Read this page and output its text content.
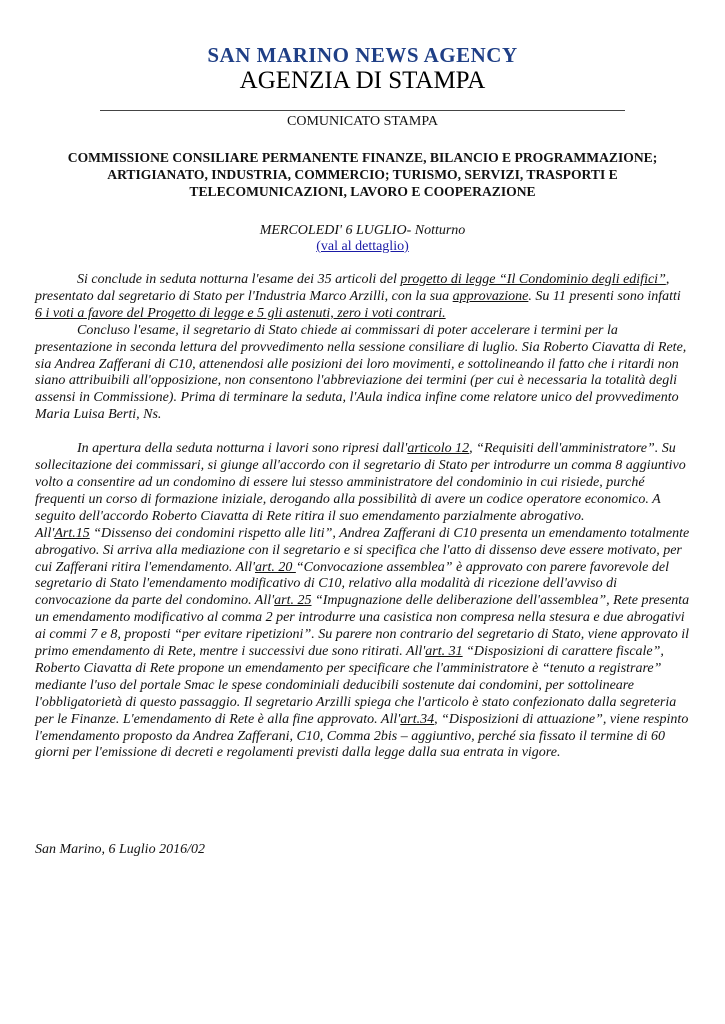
SAN MARINO NEWS AGENCY
AGENZIA DI STAMPA
COMUNICATO STAMPA
COMMISSIONE CONSILIARE PERMANENTE FINANZE, BILANCIO E PROGRAMMAZIONE;
ARTIGIANATO, INDUSTRIA, COMMERCIO; TURISMO, SERVIZI, TRASPORTI E
TELECOMUNICAZIONI, LAVORO E COOPERAZIONE
MERCOLEDI' 6 LUGLIO- Notturno
(val al dettaglio)

Si conclude in seduta notturna l'esame dei 35 articoli del progetto di legge “Il Condominio degli edifici”, presentato dal segretario di Stato per l'Industria Marco Arzilli, con la sua approvazione. Su 11 presenti sono infatti 6 i voti a favore del Progetto di legge e 5 gli astenuti, zero i voti contrari.

Concluso l'esame, il segretario di Stato chiede ai commissari di poter accelerare i termini per la presentazione in seconda lettura del provvedimento nella sessione consiliare di luglio. Sia Roberto Ciavatta di Rete, sia Andrea Zafferani di C10, attenendosi alle posizioni dei loro movimenti, e sottolineando il fatto che i ritardi non siano attribuibili all'opposizione, non consentono l'abbreviazione dei termini (per cui è necessaria la totalità degli assensi in Commissione). Prima di terminare la seduta, l'Aula indica infine come relatore unico del provvedimento Maria Luisa Berti, Ns.

In apertura della seduta notturna i lavori sono ripresi dall'articolo 12, “Requisiti dell'amministratore”. Su sollecitazione dei commissari, si giunge all'accordo con il segretario di Stato per introdurre un comma 8 aggiuntivo volto a consentire ad un condomino di essere lui stesso amministratore del condominio in cui risiede, purché frequenti un corso di formazione iniziale, derogando alla possibilità di avere un codice operatore economico. A seguito dell'accordo Roberto Ciavatta di Rete ritira il suo emendamento parzialmente abrogativo.

All'Art.15 “Dissenso dei condomini rispetto alle liti”, Andrea Zafferani di C10 presenta un emendamento totalmente abrogativo. Si arriva alla mediazione con il segretario e si specifica che l'atto di dissenso deve essere motivato, per cui Zafferani ritira l'emendamento. All'art. 20 “Convocazione assemblea” è approvato con parere favorevole del segretario di Stato l'emendamento modificativo di C10, relativo alla modalità di ricezione dell'avviso di convocazione da parte del condomino. All'art. 25 “Impugnazione delle deliberazione dell'assemblea”, Rete presenta un emendamento modificativo al comma 2 per introdurre una casistica non compresa nella stesura e due abrogativi ai commi 7 e 8, proposti “per evitare ripetizioni”. Su parere non contrario del segretario di Stato, viene approvato il primo emendamento di Rete, mentre i successivi due sono ritirati. All'art. 31 “Disposizioni di carattere fiscale”, Roberto Ciavatta di Rete propone un emendamento per specificare che l'amministratore è “tenuto a registrare” mediante l'uso del portale Smac le spese condominiali deducibili sostenute dai condomini, per sottolineare l'obbligatorietà di questo passaggio. Il segretario Arzilli spiega che l'articolo è stato confezionato dalla segreteria per le Finanze. L'emendamento di Rete è alla fine approvato. All'art.34, “Disposizioni di attuazione”, viene respinto l'emendamento proposto da Andrea Zafferani, C10, Comma 2bis – aggiuntivo, perché sia fissato il termine di 60 giorni per l'emissione di decreti e regolamenti previsti dalla legge dalla sua entrata in vigore.

San Marino, 6 Luglio 2016/02
